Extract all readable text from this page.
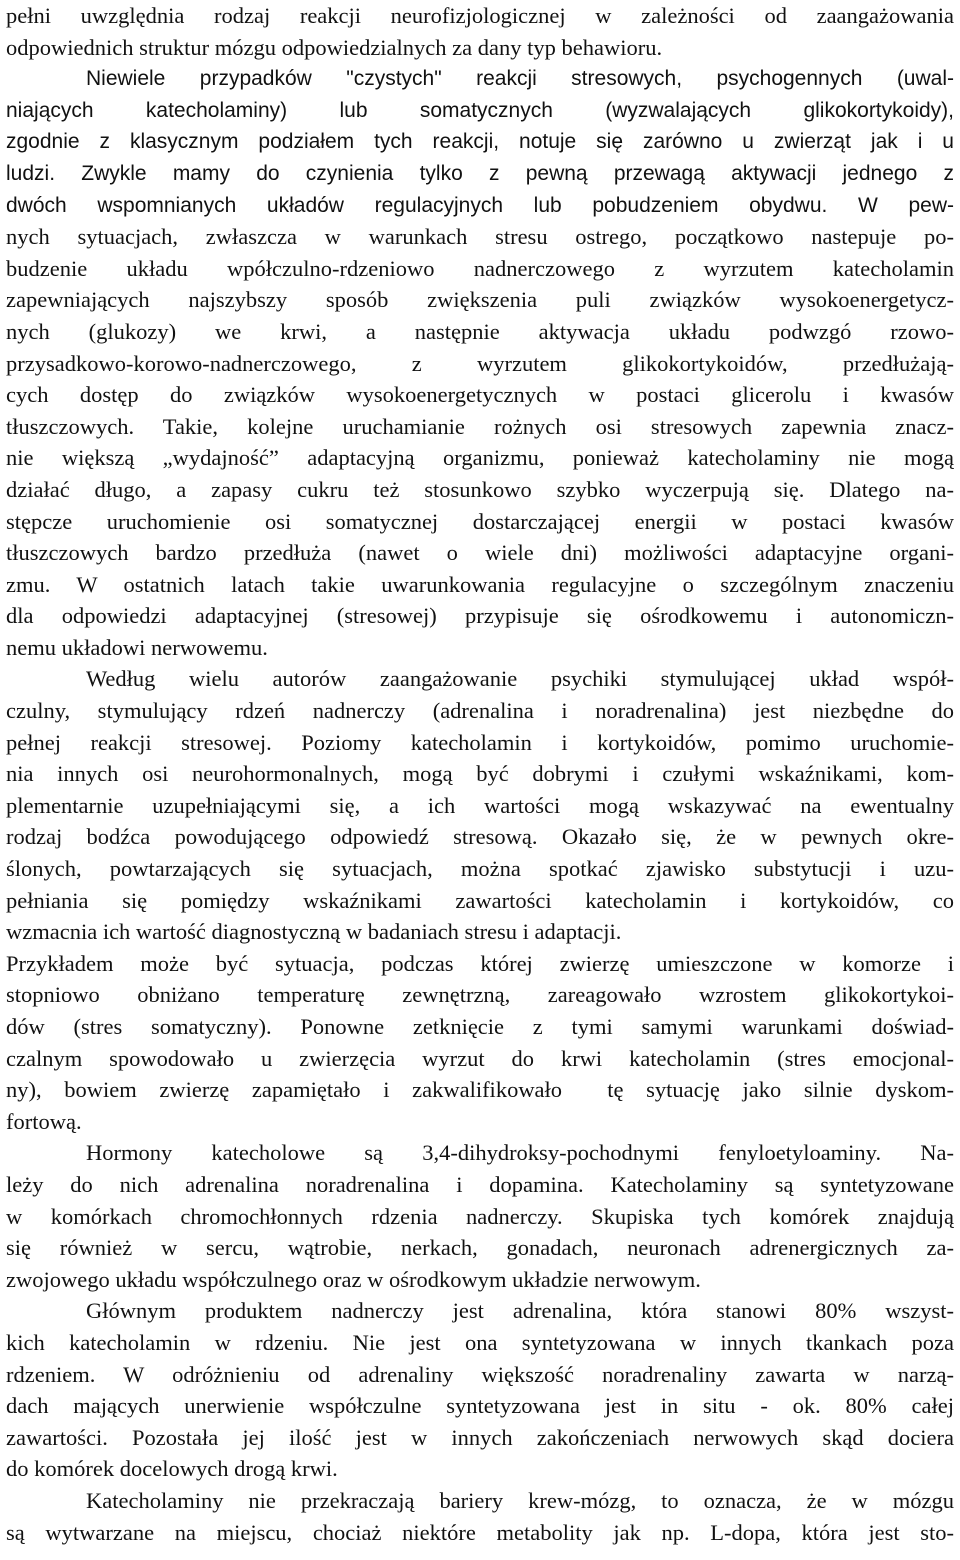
pełni uwzględnia rodzaj reakcji neurofizjologicznej w zależności od zaangażowania
odpowiednich struktur mózgu odpowiedzialnych za dany typ behawioru.
Niewiele przypadków "czystych" reakcji stresowych, psychogennych (uwal-
niających katecholaminy) lub somatycznych (wyzwalających glikokortykoidy),
zgodnie z klasycznym podziałem tych reakcji, notuje się zarówno u zwierząt jak i u
ludzi. Zwykle mamy do czynienia tylko z pewną przewagą aktywacji jednego z
dwóch wspomnianych układów regulacyjnych lub pobudzeniem obydwu. W pew-
nych sytuacjach, zwłaszcza w warunkach stresu ostrego, początkowo nastepuje po-
budzenie układu wpółczulno-rdzeniowo nadnerczowego z wyrzutem katecholamin
zapewniających najszybszy sposób zwiększenia puli związków wysokoenergetycz-
nych (glukozy) we krwi, a następnie aktywacja układu podwzgó rzowo-
przysadkowo-korowo-nadnerczowego, z wyrzutem glikokortykoidów, przedłużają-
cych dostęp do związków wysokoenergetycznych w postaci glicerolu i kwasów
tłuszczowych. Takie, kolejne uruchamianie rożnych osi stresowych zapewnia znacz-
nie większą „wydajność” adaptacyjną organizmu, ponieważ katecholaminy nie mogą
działać długo, a zapasy cukru też stosunkowo szybko wyczerpują się. Dlatego na-
stępcze uruchomienie osi somatycznej dostarczającej energii w postaci kwasów
tłuszczowych bardzo przedłuża (nawet o wiele dni) możliwości adaptacyjne organi-
zmu. W ostatnich latach takie uwarunkowania regulacyjne o szczególnym znaczeniu
dla odpowiedzi adaptacyjnej (stresowej) przypisuje się ośrodkowemu i autonomiczn-
nemu układowi nerwowemu.
Według wielu autorów zaangażowanie psychiki stymulującej układ współ-
czulny, stymulujący rdzeń nadnerczy (adrenalina i noradrenalina) jest niezbędne do
pełnej reakcji stresowej. Poziomy katecholamin i kortykoidów, pomimo uruchomie-
nia innych osi neurohormonalnych, mogą być dobrymi i czułymi wskaźnikami, kom-
plementarnie uzupełniającymi się, a ich wartości mogą wskazywać na ewentualny
rodzaj bodźca powodującego odpowiedź stresową. Okazało się, że w pewnych okre-
ślonych, powtarzających się sytuacjach, można spotkać zjawisko substytucji i uzu-
pełniania się pomiędzy wskaźnikami zawartości katecholamin i kortykoidów, co
wzmacnia ich wartość diagnostyczną w badaniach stresu i adaptacji.
Przykładem może być sytuacja, podczas której zwierzę umieszczone w komorze i
stopniowo obniżano temperaturę zewnętrzną, zareagowało wzrostem glikokortykoi-
dów (stres somatyczny). Ponowne zetknięcie z tymi samymi warunkami doświad-
czalnym spowodowało u zwierzęcia wyrzut do krwi katecholamin (stres emocjonal-
ny), bowiem zwierzę zapamiętało i zakwalifikowało  tę sytuację jako silnie dyskom-
fortową.
Hormony katecholowe są 3,4-dihydroksy-pochodnymi fenyloetyloaminy. Na-
leży do nich adrenalina noradrenalina i dopamina. Katecholaminy są syntetyzowane
w komórkach chromochłonnych rdzenia nadnerczy. Skupiska tych komórek znajdują
się również w sercu, wątrobie, nerkach, gonadach, neuronach adrenergicznych za-
zwojowego układu współczulnego oraz w ośrodkowym układzie nerwowym.
Głównym produktem nadnerczy jest adrenalina, która stanowi 80% wszyst-
kich katecholamin w rdzeniu. Nie jest ona syntetyzowana w innych tkankach poza
rdzeniem. W odróżnieniu od adrenaliny większość noradrenaliny zawarta w narzą-
dach mających unerwienie współczulne syntetyzowana jest in situ - ok. 80% całej
zawartości. Pozostała jej ilość jest w innych zakończeniach nerwowych skąd dociera
do komórek docelowych drogą krwi.
Katecholaminy nie przekraczają bariery krew-mózg, to oznacza, że w mózgu
są wytwarzane na miejscu, chociaż niektóre metabolity jak np. L-dopa, która jest sto-
